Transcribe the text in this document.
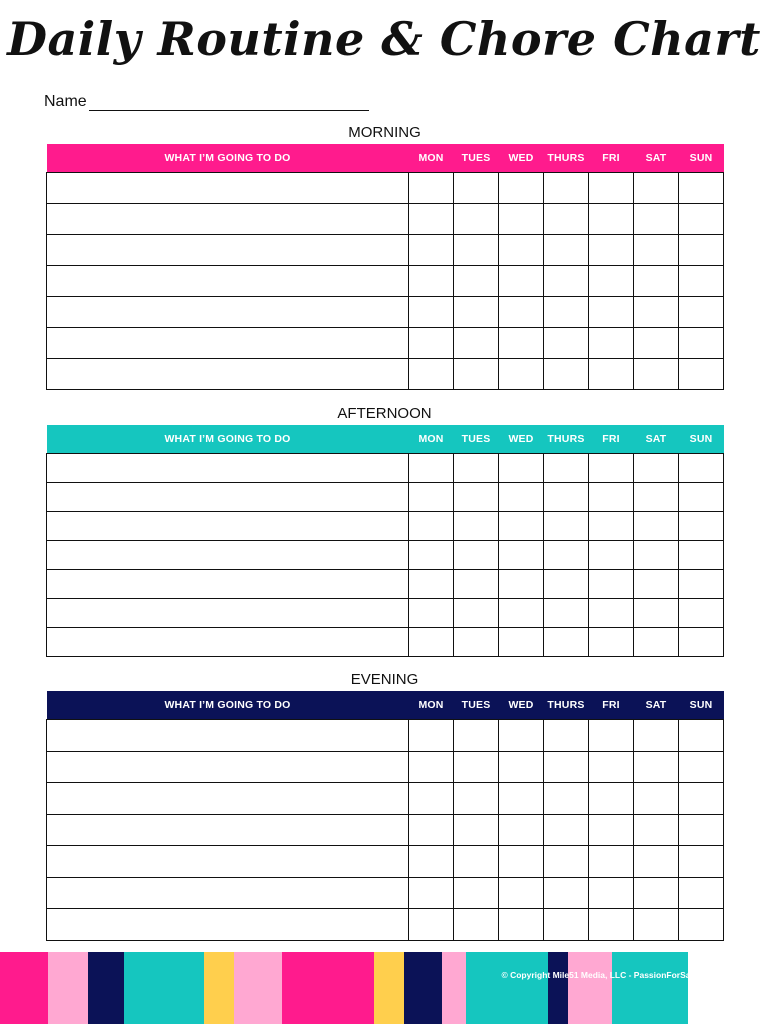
Daily Routine & Chore Chart
Name
MORNING
WHAT I’M GOING TO DO	MON	TUES	WED	THURS	FRI	SAT	SUN

AFTERNOON
WHAT I’M GOING TO DO	MON	TUES	WED	THURS	FRI	SAT	SUN

EVENING
WHAT I’M GOING TO DO	MON	TUES	WED	THURS	FRI	SAT	SUN

© Copyright Mile51 Media, LLC - PassionForSavings.com
